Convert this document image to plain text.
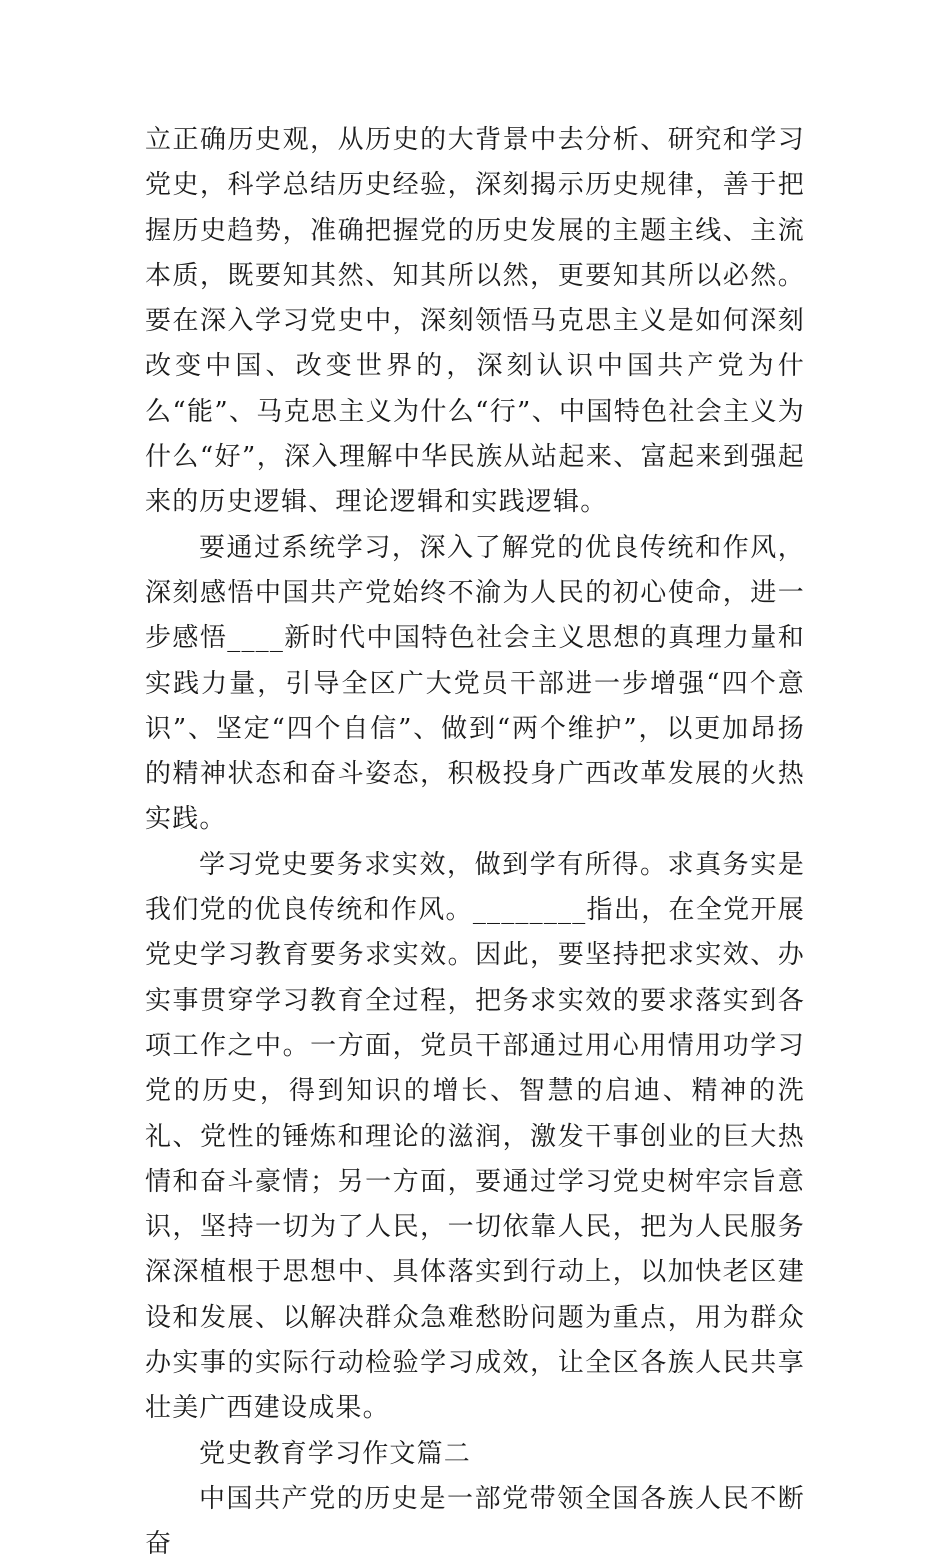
立正确历史观，从历史的大背景中去分析、研究和学习党史，科学总结历史经验，深刻揭示历史规律，善于把握历史趋势，准确把握党的历史发展的主题主线、主流本质，既要知其然、知其所以然，更要知其所以必然。要在深入学习党史中，深刻领悟马克思主义是如何深刻改变中国、改变世界的，深刻认识中国共产党为什么“能”、马克思主义为什么“行”、中国特色社会主义为什么“好”，深入理解中华民族从站起来、富起来到强起来的历史逻辑、理论逻辑和实践逻辑。

要通过系统学习，深入了解党的优良传统和作风，深刻感悟中国共产党始终不渝为人民的初心使命，进一步感悟____新时代中国特色社会主义思想的真理力量和实践力量，引导全区广大党员干部进一步增强“四个意识”、坚定“四个自信”、做到“两个维护”，以更加昂扬的精神状态和奋斗姿态，积极投身广西改革发展的火热实践。

学习党史要务求实效，做到学有所得。求真务实是我们党的优良传统和作风。________指出，在全党开展党史学习教育要务求实效。因此，要坚持把求实效、办实事贯穿学习教育全过程，把务求实效的要求落实到各项工作之中。一方面，党员干部通过用心用情用功学习党的历史，得到知识的增长、智慧的启迪、精神的洗礼、党性的锤炼和理论的滋润，激发干事创业的巨大热情和奋斗豪情；另一方面，要通过学习党史树牢宗旨意识，坚持一切为了人民，一切依靠人民，把为人民服务深深植根于思想中、具体落实到行动上，以加快老区建设和发展、以解决群众急难愁盼问题为重点，用为群众办实事的实际行动检验学习成效，让全区各族人民共享壮美广西建设成果。

党史教育学习作文篇二

中国共产党的历史是一部党带领全国各族人民不断奋
